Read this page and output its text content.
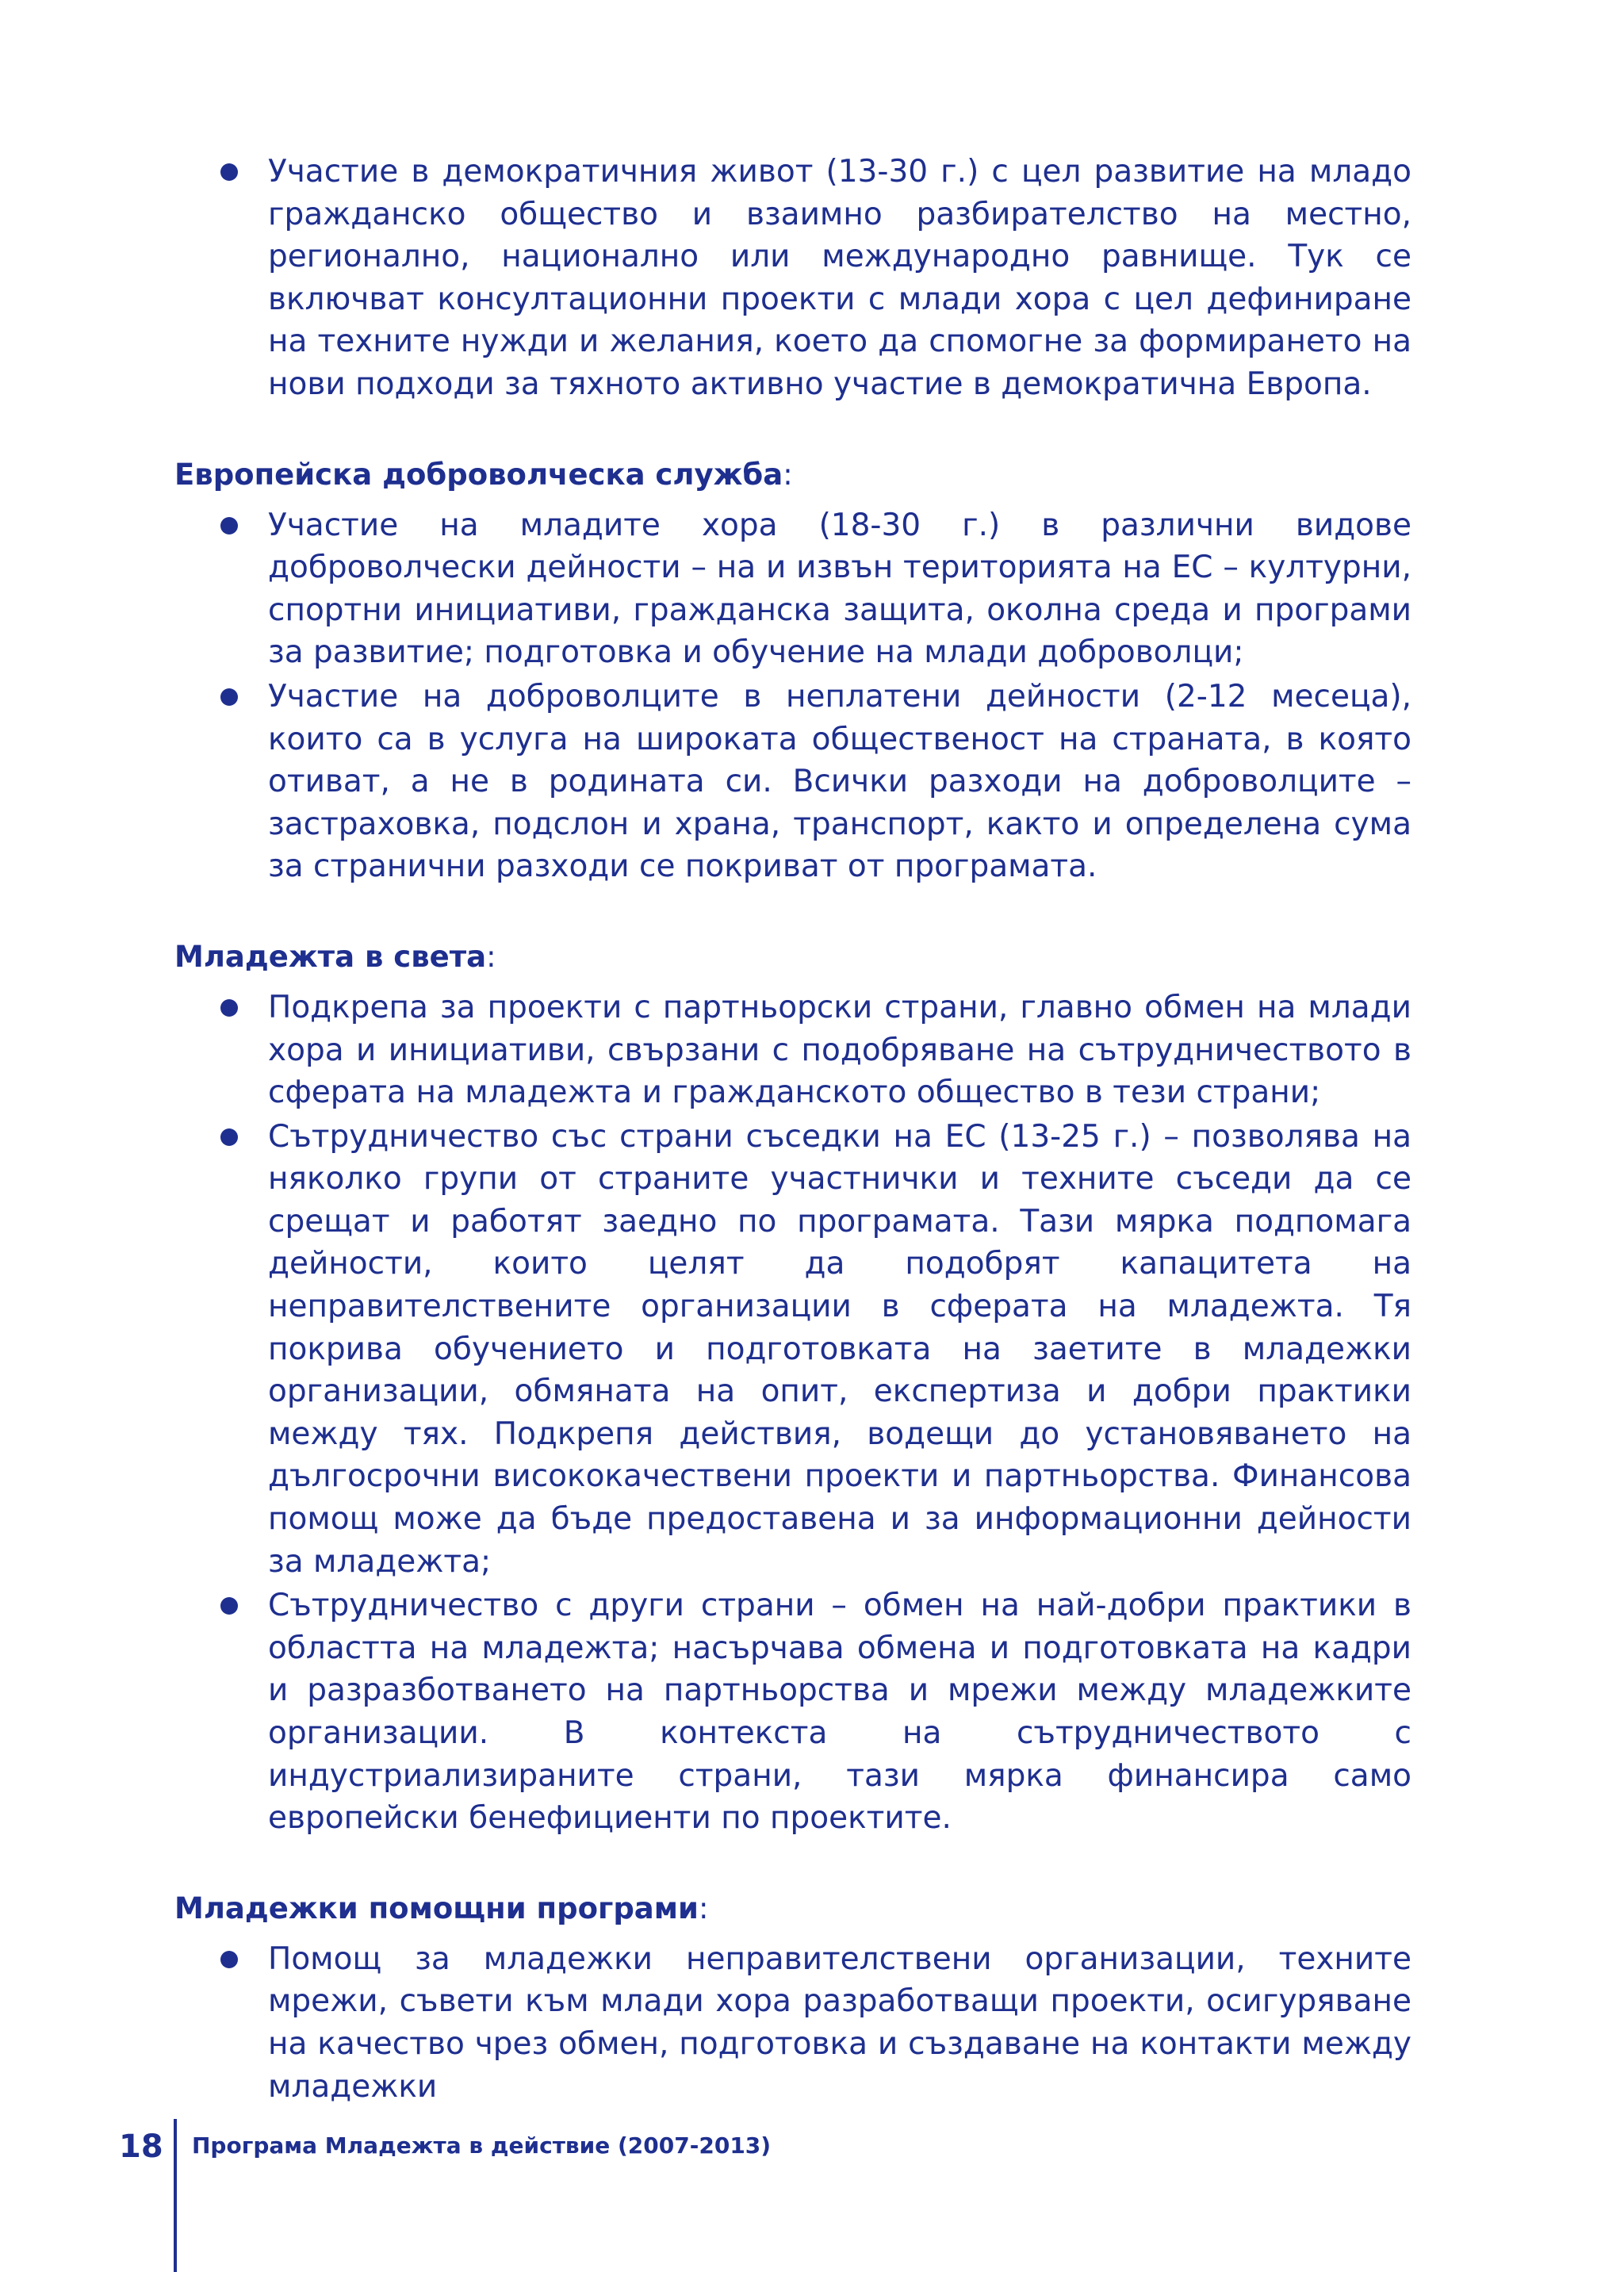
Участие в демократичния живот (13-30 г.) с цел развитие на младо гражданско общество и взаимно разбирателство на местно, регионално, национално или международно равнище. Тук се включват консултационни проекти с млади хора с цел дефиниране на техните нужди и желания, което да спомогне за формирането на нови подходи за тяхното активно участие в демократична Европа.
Европейска доброволческа служба:
Участие на младите хора (18-30 г.) в различни видове доброволчески дейности – на и извън територията на ЕС – културни, спортни инициативи, гражданска защита, околна среда и програми за развитие; подготовка и обучение на млади доброволци;
Участие на доброволците в неплатени дейности (2-12 месеца), които са в услуга на широката общественост на страната, в която отиват, а не в родината си. Всички разходи на доброволците – застраховка, подслон и храна, транспорт, както и определена сума за странични разходи се покриват от програмата.
Младежта в света:
Подкрепа за проекти с партньорски страни, главно обмен на млади хора и инициативи, свързани с подобряване на сътрудничеството в сферата на младежта и гражданското общество в тези страни;
Сътрудничество със страни съседки на ЕС (13-25 г.) – позволява на няколко групи от страните участнички и техните съседи да се срещат и работят заедно по програмата. Тази мярка подпомага дейности, които целят да подобрят капацитета на неправителствените организации в сферата на младежта. Тя покрива обучението и подготовката на заетите в младежки организации, обмяната на опит, експертиза и добри практики между тях. Подкрепя действия, водещи до установяването на дългосрочни висококачествени проекти и партньорства. Финансова помощ може да бъде предоставена и за информационни дейности за младежта;
Сътрудничество с други страни – обмен на най-добри практики в областта на младежта; насърчава обмена и подготовката на кадри и разразботването на партньорства и мрежи между младежките организации. В контекста на сътрудничеството с индустриализираните страни, тази мярка финансира само европейски бенефициенти по проектите.
Младежки помощни програми:
Помощ за младежки неправителствени организации, техните мрежи, съвети към млади хора разработващи проекти, осигуряване на качество чрез обмен, подготовка и създаване на контакти между младежки
18 Програма Младежта в действие (2007-2013)
